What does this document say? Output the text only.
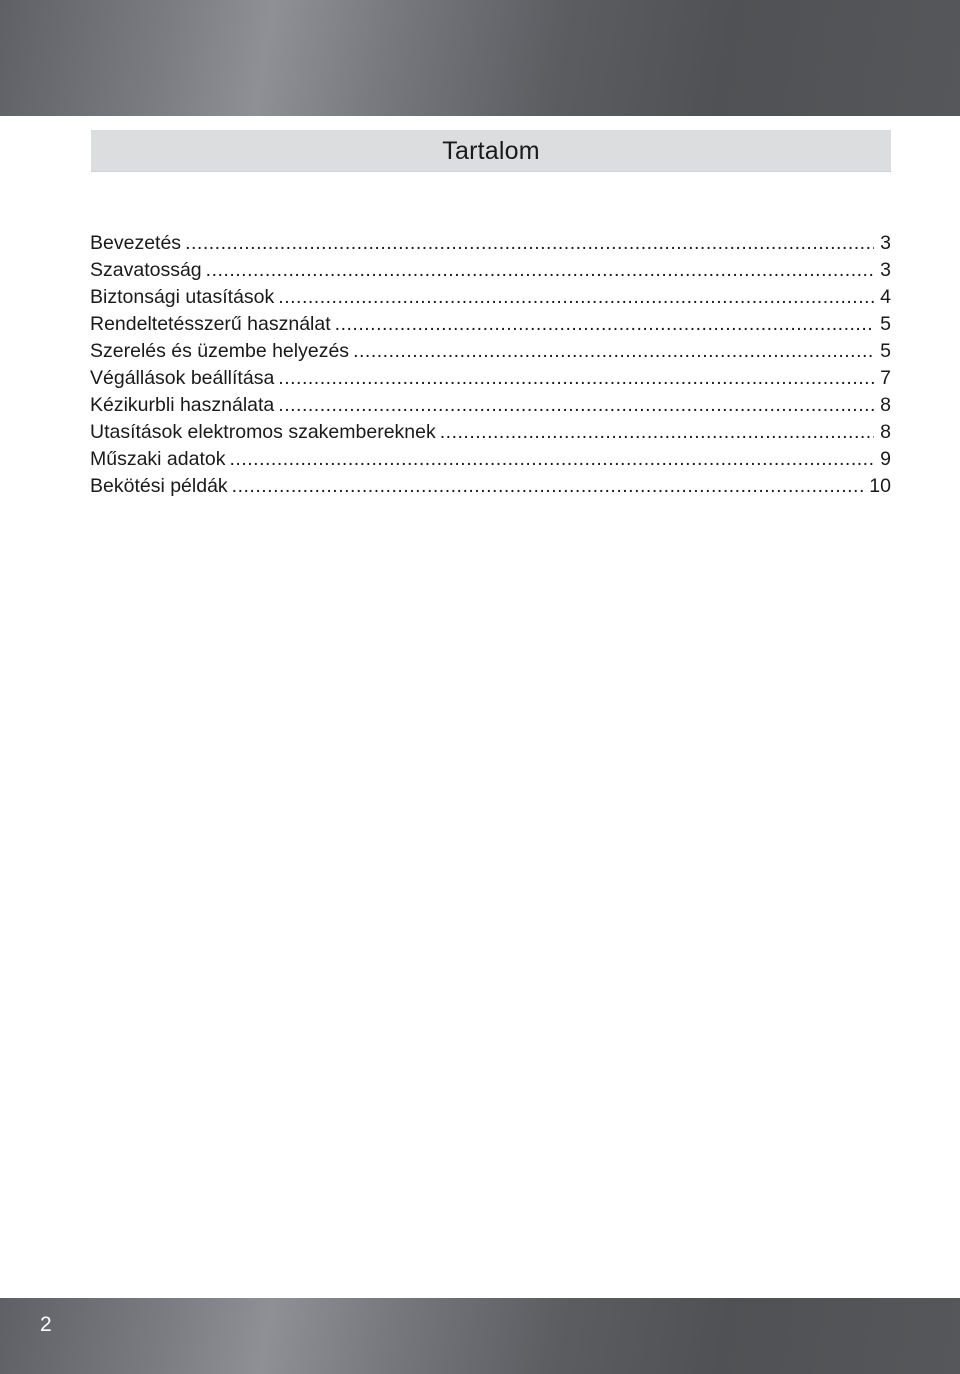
Tartalom
Bevezetés .....	3
Szavatosság .....	3
Biztonsági utasítások .....	4
Rendeltetésszerű használat .....	5
Szerelés és üzembe helyezés .....	5
Végállások beállítása .....	7
Kézikurbli használata .....	8
Utasítások elektromos szakembereknek .....	8
Műszaki adatok .....	9
Bekötési példák .....	10
2
